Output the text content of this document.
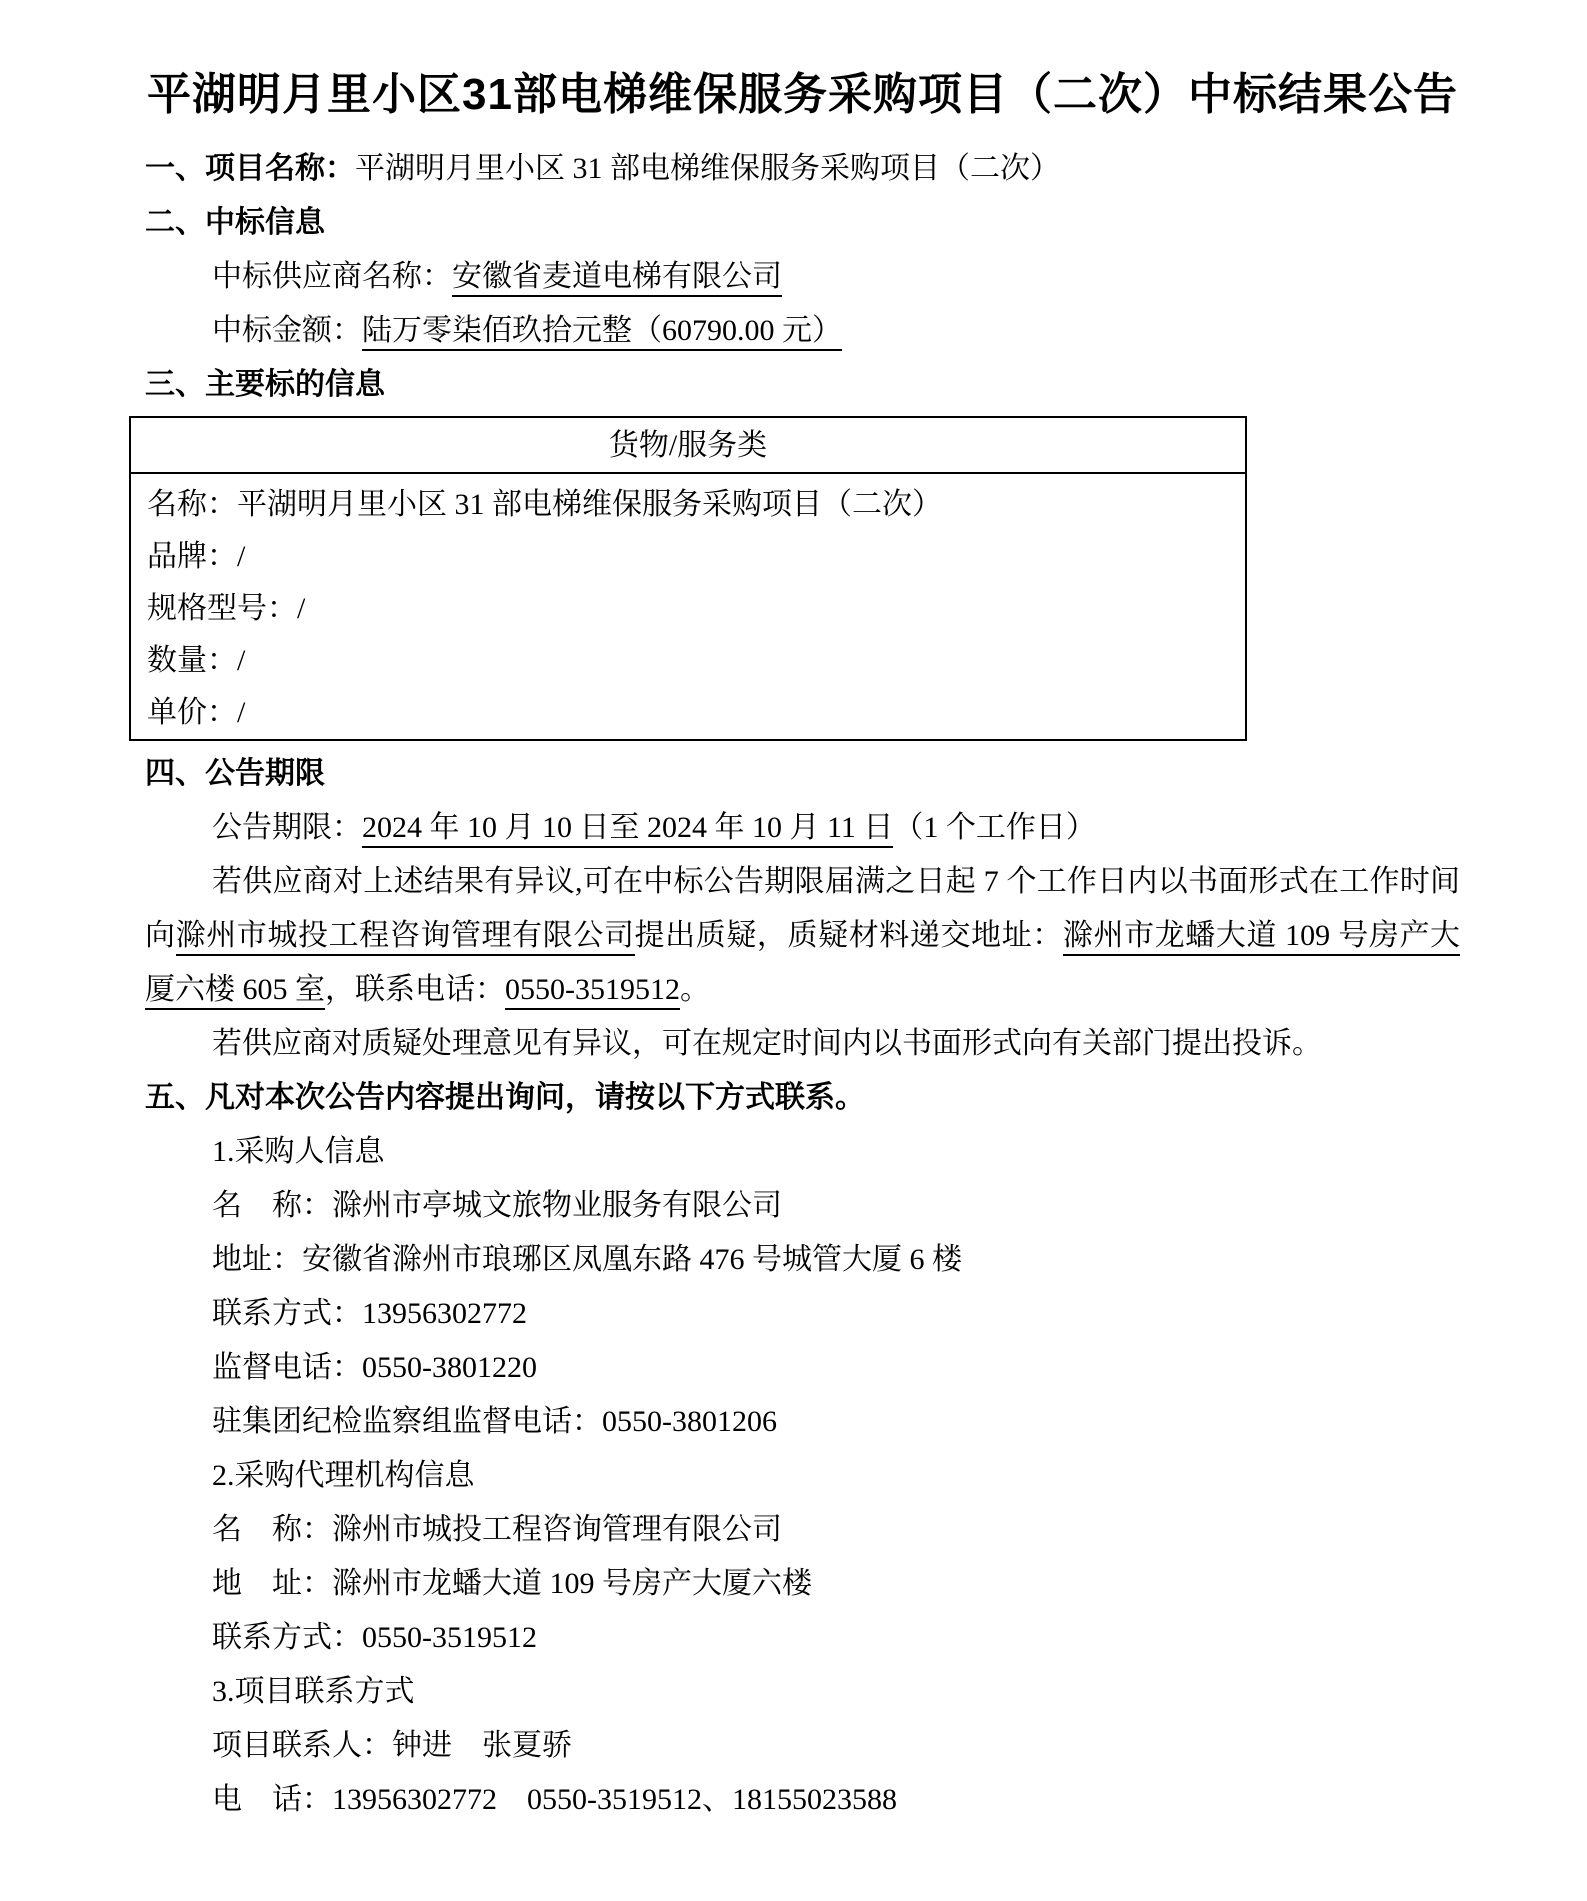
平湖明月里小区31部电梯维保服务采购项目（二次）中标结果公告
一、项目名称：平湖明月里小区 31 部电梯维保服务采购项目（二次）
二、中标信息
中标供应商名称：安徽省麦道电梯有限公司
中标金额：陆万零柒佰玖拾元整（60790.00 元）
三、主要标的信息
货物/服务类
名称：平湖明月里小区 31 部电梯维保服务采购项目（二次）
品牌：/
规格型号：/
数量：/
单价：/
四、公告期限
公告期限：2024 年 10 月 10 日至 2024 年 10 月 11 日（1 个工作日）
若供应商对上述结果有异议,可在中标公告期限届满之日起 7 个工作日内以书面形式在工作时间向滁州市城投工程咨询管理有限公司提出质疑，质疑材料递交地址：滁州市龙蟠大道 109 号房产大厦六楼 605 室，联系电话：0550-3519512。
若供应商对质疑处理意见有异议，可在规定时间内以书面形式向有关部门提出投诉。
五、凡对本次公告内容提出询问，请按以下方式联系。
1.采购人信息
名　称：滁州市亭城文旅物业服务有限公司
地址：安徽省滁州市琅琊区凤凰东路 476 号城管大厦 6 楼
联系方式：13956302772
监督电话：0550-3801220
驻集团纪检监察组监督电话：0550-3801206
2.采购代理机构信息
名　称：滁州市城投工程咨询管理有限公司
地　址：滁州市龙蟠大道 109 号房产大厦六楼
联系方式：0550-3519512
3.项目联系方式
项目联系人：钟进　张夏骄
电　话：13956302772　0550-3519512、18155023588
